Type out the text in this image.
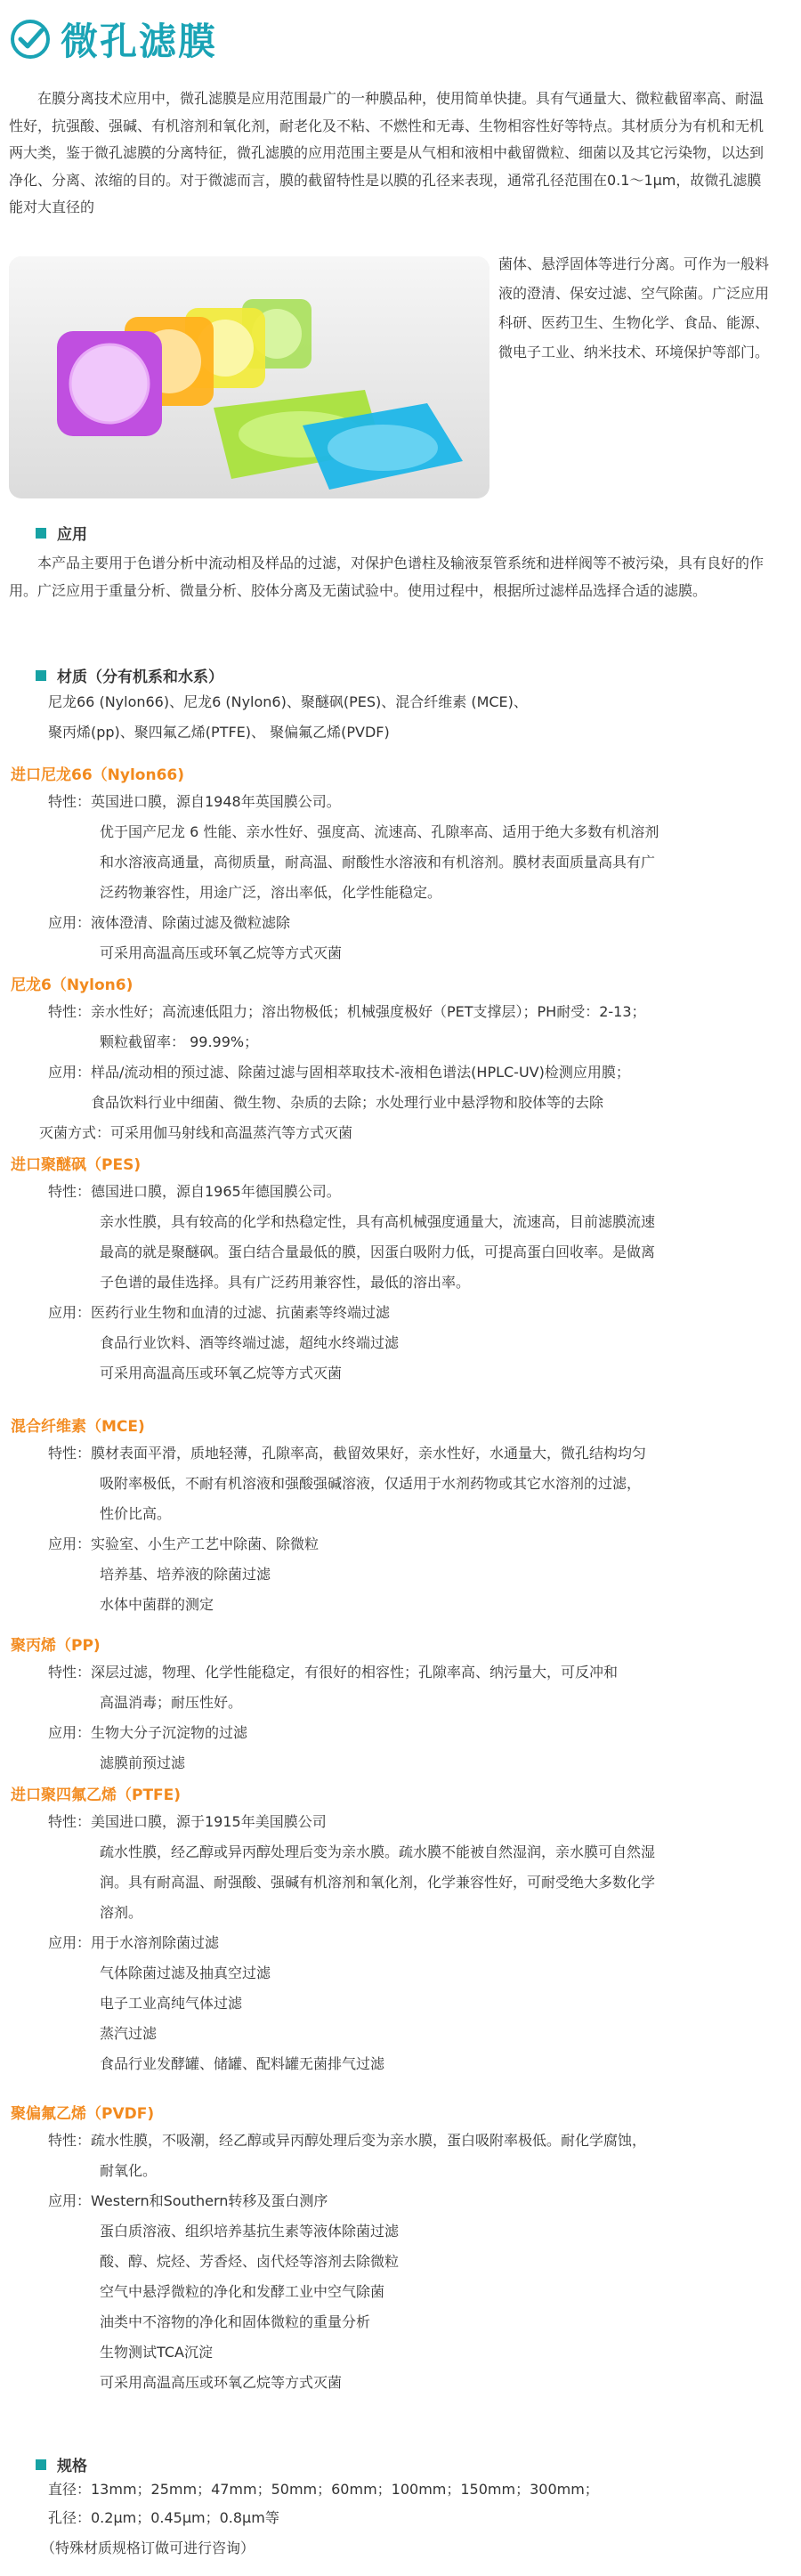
微孔滤膜

在膜分离技术应用中，微孔滤膜是应用范围最广的一种膜品种，使用简单快捷。具有气通量大、微粒截留率高、耐温性好，抗强酸、强碱、有机溶剂和氧化剂，耐老化及不粘、不燃性和无毒、生物相容性好等特点。其材质分为有机和无机两大类，鉴于微孔滤膜的分离特征，微孔滤膜的应用范围主要是从气相和液相中截留微粒、细菌以及其它污染物，以达到净化、分离、浓缩的目的。对于微滤而言，膜的截留特性是以膜的孔径来表现，通常孔径范围在0.1～1μm，故微孔滤膜能对大直径的

菌体、悬浮固体等进行分离。可作为一般料液的澄清、保安过滤、空气除菌。广泛应用科研、医药卫生、生物化学、食品、能源、微电子工业、纳米技术、环境保护等部门。

应用

本产品主要用于色谱分析中流动相及样品的过滤，对保护色谱柱及输液泵管系统和进样阀等不被污染，具有良好的作用。广泛应用于重量分析、微量分析、胶体分离及无菌试验中。使用过程中，根据所过滤样品选择合适的滤膜。

材质（分有机系和水系）

尼龙66 (Nylon66)、尼龙6 (Nylon6)、聚醚砜(PES)、混合纤维素 (MCE)、

聚丙烯(pp)、聚四氟乙烯(PTFE)、 聚偏氟乙烯(PVDF)

进口尼龙66（Nylon66)

特性：英国进口膜，源自1948年英国膜公司。

优于国产尼龙 6 性能、亲水性好、强度高、流速高、孔隙率高、适用于绝大多数有机溶剂

和水溶液高通量，高彻质量，耐高温、耐酸性水溶液和有机溶剂。膜材表面质量高具有广

泛药物兼容性，用途广泛，溶出率低，化学性能稳定。

应用：液体澄清、除菌过滤及微粒滤除

可采用高温高压或环氧乙烷等方式灭菌

尼龙6（Nylon6)

特性：亲水性好；高流速低阻力；溶出物极低；机械强度极好（PET支撑层）；PH耐受：2-13；

颗粒截留率： 99.99%；

应用：样品/流动相的预过滤、除菌过滤与固相萃取技术-液相色谱法(HPLC-UV)检测应用膜；

食品饮料行业中细菌、微生物、杂质的去除；水处理行业中悬浮物和胶体等的去除

灭菌方式：可采用伽马射线和高温蒸汽等方式灭菌

进口聚醚砜（PES)

特性：德国进口膜，源自1965年德国膜公司。

亲水性膜，具有较高的化学和热稳定性，具有高机械强度通量大，流速高，目前滤膜流速

最高的就是聚醚砜。蛋白结合量最低的膜，因蛋白吸附力低，可提高蛋白回收率。是做离

子色谱的最佳选择。具有广泛药用兼容性，最低的溶出率。

应用：医药行业生物和血清的过滤、抗菌素等终端过滤

食品行业饮料、酒等终端过滤，超纯水终端过滤

可采用高温高压或环氧乙烷等方式灭菌

混合纤维素（MCE)

特性：膜材表面平滑，质地轻薄，孔隙率高，截留效果好，亲水性好，水通量大，微孔结构均匀

吸附率极低，不耐有机溶液和强酸强碱溶液，仅适用于水剂药物或其它水溶剂的过滤，

性价比高。

应用：实验室、小生产工艺中除菌、除微粒

培养基、培养液的除菌过滤

水体中菌群的测定

聚丙烯（PP)

特性：深层过滤，物理、化学性能稳定，有很好的相容性；孔隙率高、纳污量大，可反冲和

高温消毒；耐压性好。

应用：生物大分子沉淀物的过滤

滤膜前预过滤

进口聚四氟乙烯（PTFE)

特性：美国进口膜，源于1915年美国膜公司

疏水性膜，经乙醇或异丙醇处理后变为亲水膜。疏水膜不能被自然湿润，亲水膜可自然湿

润。具有耐高温、耐强酸、强碱有机溶剂和氧化剂，化学兼容性好，可耐受绝大多数化学

溶剂。

应用：用于水溶剂除菌过滤

气体除菌过滤及抽真空过滤

电子工业高纯气体过滤

蒸汽过滤

食品行业发酵罐、储罐、配料罐无菌排气过滤

聚偏氟乙烯（PVDF)

特性：疏水性膜，不吸潮，经乙醇或异丙醇处理后变为亲水膜，蛋白吸附率极低。耐化学腐蚀，

耐氧化。

应用：Western和Southern转移及蛋白测序

蛋白质溶液、组织培养基抗生素等液体除菌过滤

酸、醇、烷烃、芳香烃、卤代烃等溶剂去除微粒

空气中悬浮微粒的净化和发酵工业中空气除菌

油类中不溶物的净化和固体微粒的重量分析

生物测试TCA沉淀

可采用高温高压或环氧乙烷等方式灭菌

规格
直径：13mm；25mm；47mm；50mm；60mm；100mm；150mm；300mm；
孔径：0.2μm；0.45μm；0.8μm等
（特殊材质规格订做可进行咨询）
